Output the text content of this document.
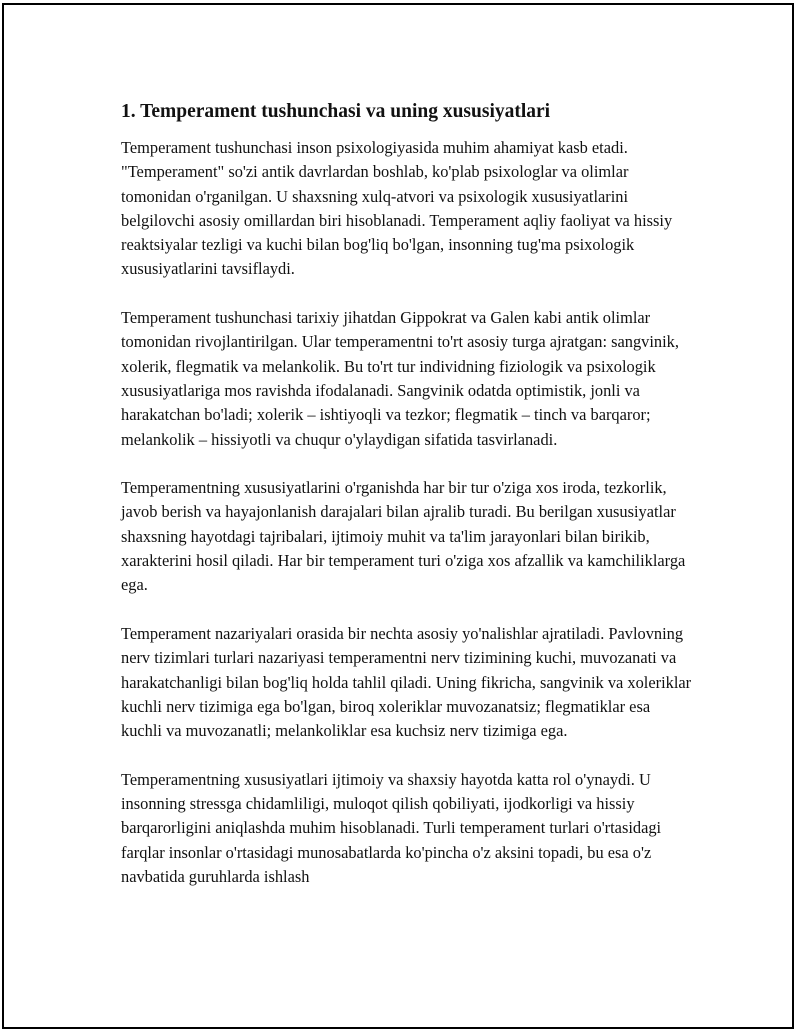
1. Temperament tushunchasi va uning xususiyatlari

Temperament tushunchasi inson psixologiyasida muhim ahamiyat kasb etadi. "Temperament" so'zi antik davrlardan boshlab, ko'plab psixologlar va olimlar tomonidan o'rganilgan. U shaxsning xulq-atvori va psixologik xususiyatlarini belgilovchi asosiy omillardan biri hisoblanadi. Temperament aqliy faoliyat va hissiy reaktsiyalar tezligi va kuchi bilan bog'liq bo'lgan, insonning tug'ma psixologik xususiyatlarini tavsiflaydi.

Temperament tushunchasi tarixiy jihatdan Gippokrat va Galen kabi antik olimlar tomonidan rivojlantirilgan. Ular temperamentni to'rt asosiy turga ajratgan: sangvinik, xolerik, flegmatik va melankolik. Bu to'rt tur individning fiziologik va psixologik xususiyatlariga mos ravishda ifodalanadi. Sangvinik odatda optimistik, jonli va harakatchan bo'ladi; xolerik – ishtiyoqli va tezkor; flegmatik – tinch va barqaror; melankolik – hissiyotli va chuqur o'ylaydigan sifatida tasvirlanadi.

Temperamentning xususiyatlarini o'rganishda har bir tur o'ziga xos iroda, tezkorlik, javob berish va hayajonlanish darajalari bilan ajralib turadi. Bu berilgan xususiyatlar shaxsning hayotdagi tajribalari, ijtimoiy muhit va ta'lim jarayonlari bilan birikib, xarakterini hosil qiladi. Har bir temperament turi o'ziga xos afzallik va kamchiliklarga ega.

Temperament nazariyalari orasida bir nechta asosiy yo'nalishlar ajratiladi. Pavlovning nerv tizimlari turlari nazariyasi temperamentni nerv tizimining kuchi, muvozanati va harakatchanligi bilan bog'liq holda tahlil qiladi. Uning fikricha, sangvinik va xoleriklar kuchli nerv tizimiga ega bo'lgan, biroq xoleriklar muvozanatsiz; flegmatiklar esa kuchli va muvozanatli; melankoliklar esa kuchsiz nerv tizimiga ega.

Temperamentning xususiyatlari ijtimoiy va shaxsiy hayotda katta rol o'ynaydi. U insonning stressga chidamliligi, muloqot qilish qobiliyati, ijodkorligi va hissiy barqarorligini aniqlashda muhim hisoblanadi. Turli temperament turlari o'rtasidagi farqlar insonlar o'rtasidagi munosabatlarda ko'pincha o'z aksini topadi, bu esa o'z navbatida guruhlarda ishlash
